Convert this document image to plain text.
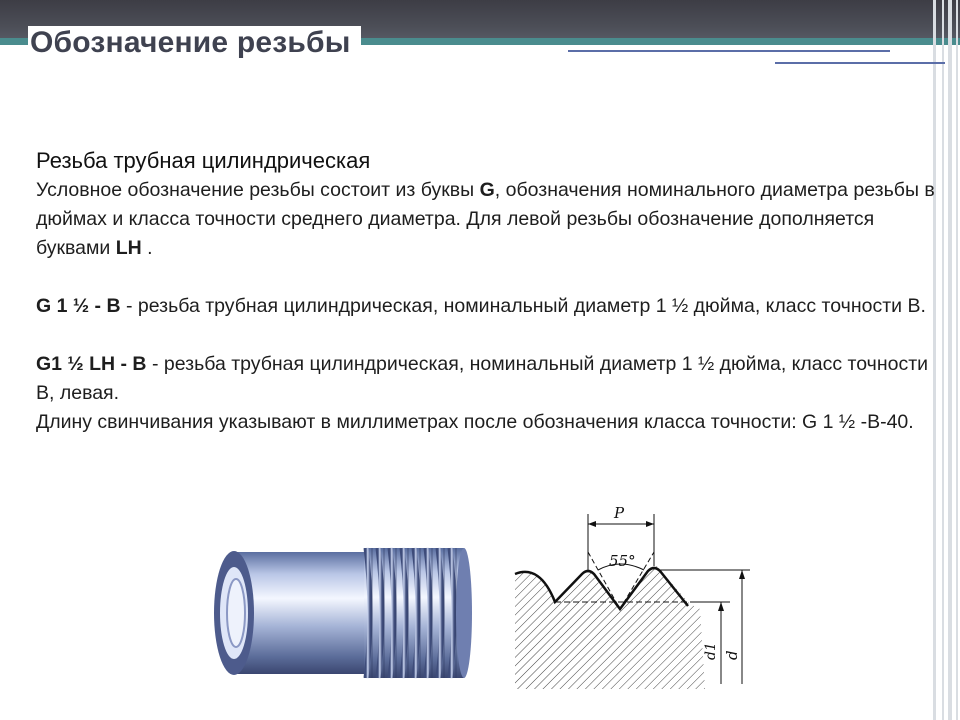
Обозначение резьбы

Резьба трубная цилиндрическая

Условное обозначение резьбы состоит из буквы G, обозначения номинального диаметра резьбы в дюймах и класса точности среднего диаметра. Для левой резьбы обозначение дополняется буквами LH .

G 1 ½ - B - резьба трубная цилиндрическая, номинальный диаметр 1 ½ дюйма, класс точности В.

G1 ½ LH - B - резьба трубная цилиндрическая, номинальный диаметр 1 ½ дюйма, класс точности В, левая.

Длину свинчивания указывают в миллиметрах после обозначения класса точности: G 1 ½ -В-40.

P
55°
d1 d
